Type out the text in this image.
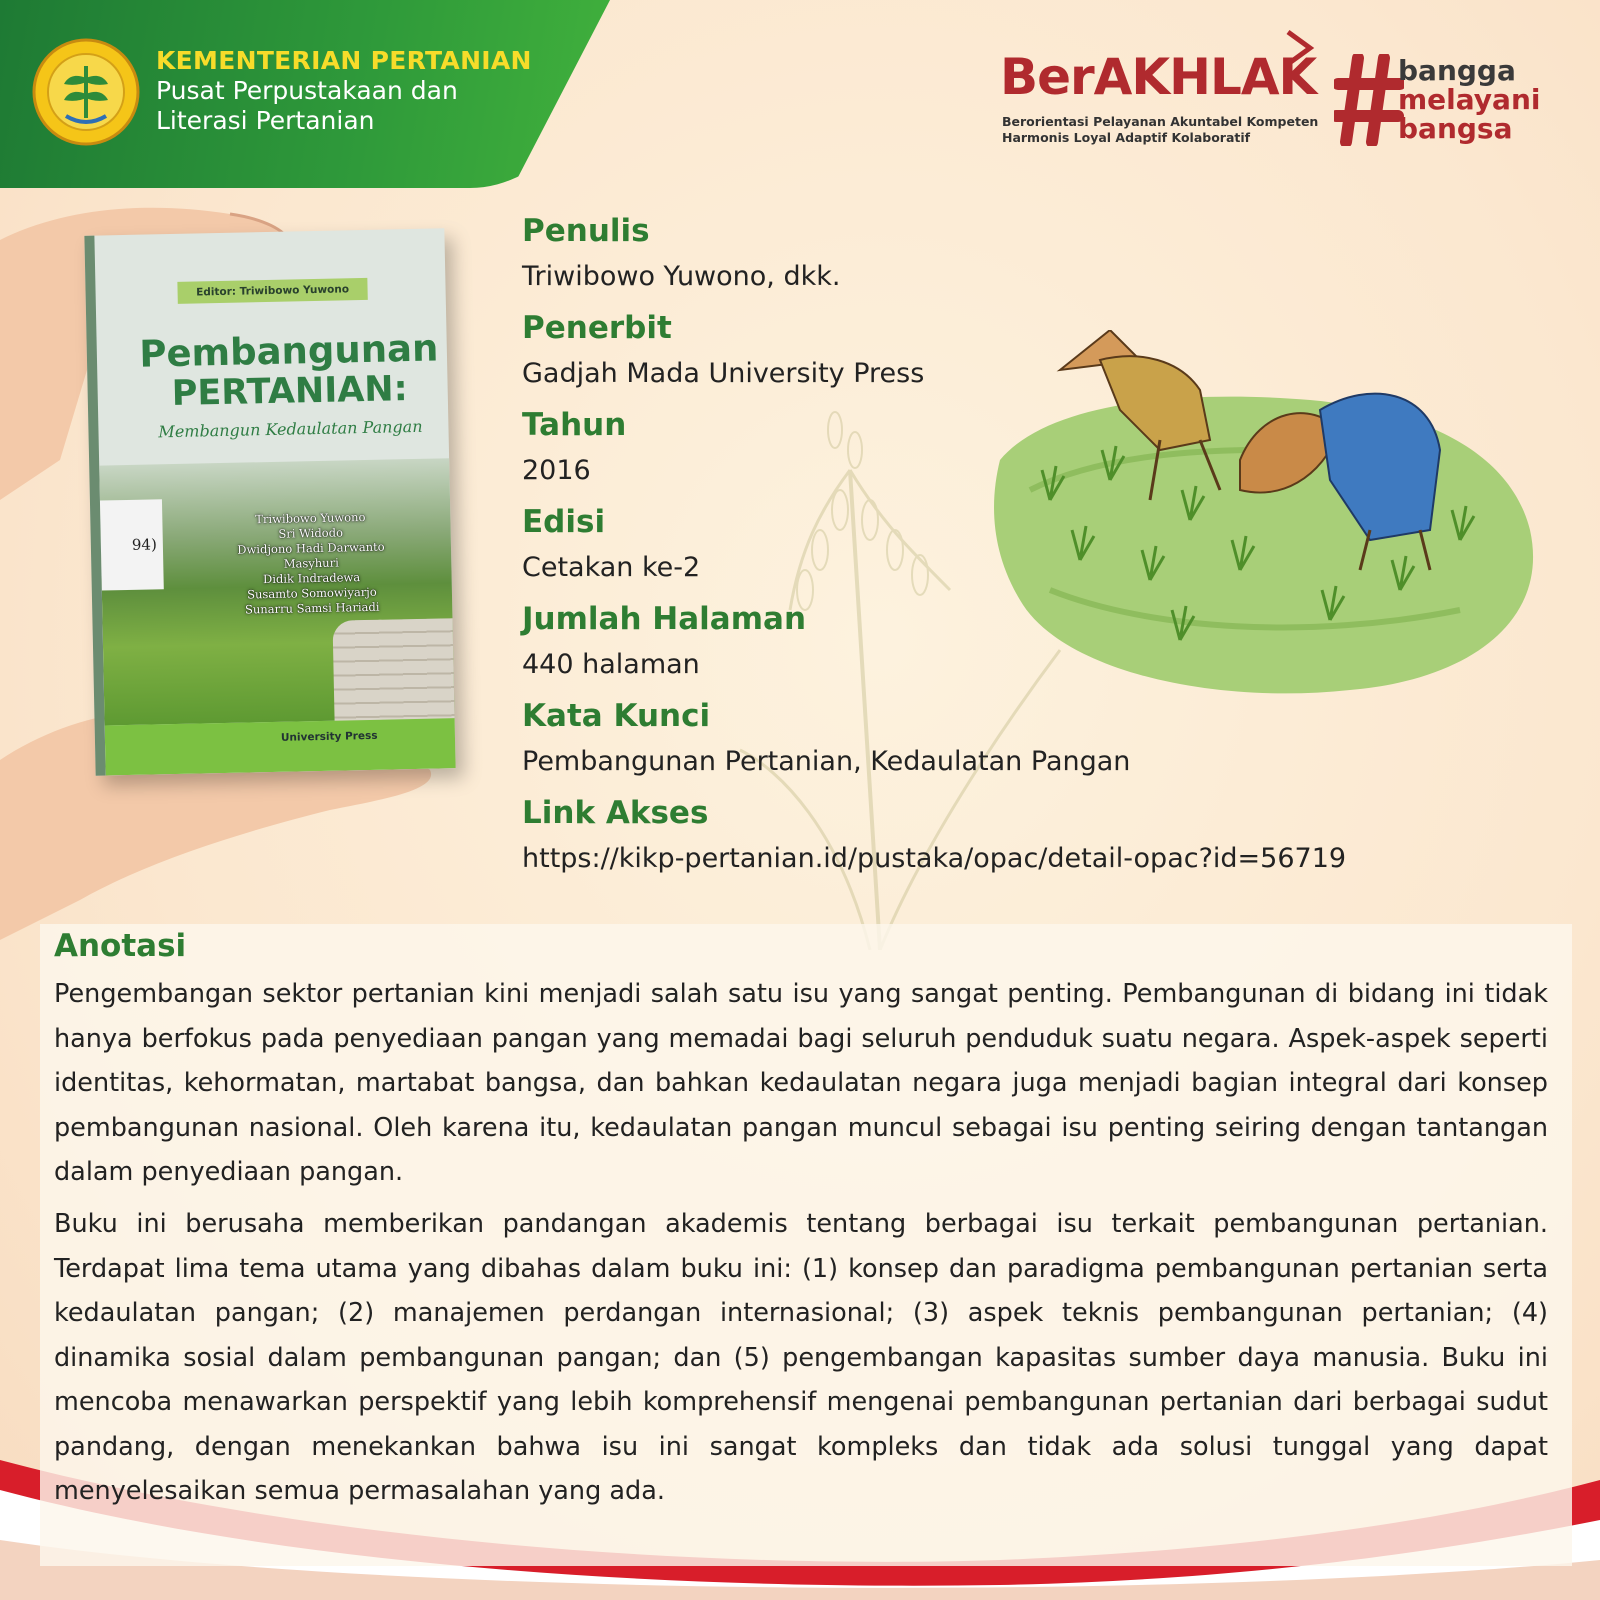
KEMENTERIAN PERTANIAN
Pusat Perpustakaan dan
Literasi Pertanian
BerAKHLAK
Berorientasi Pelayanan Akuntabel Kompeten
Harmonis Loyal Adaptif Kolaboratif
bangga
melayani
bangsa
Editor: Triwibowo Yuwono
Pembangunan
PERTANIAN:
Membangun Kedaulatan Pangan
94)
Triwibowo Yuwono
Sri Widodo
Dwidjono Hadi Darwanto
Masyhuri
Didik Indradewa
Susamto Somowiyarjo
Sunarru Samsi Hariadi
University Press
Penulis
Triwibowo Yuwono, dkk.
Penerbit
Gadjah Mada University Press
Tahun
2016
Edisi
Cetakan ke-2
Jumlah Halaman
440 halaman
Kata Kunci
Pembangunan Pertanian, Kedaulatan Pangan
Link Akses
https://kikp-pertanian.id/pustaka/opac/detail-opac?id=56719
Anotasi

Pengembangan sektor pertanian kini menjadi salah satu isu yang sangat penting. Pembangunan di bidang ini tidak hanya berfokus pada penyediaan pangan yang memadai bagi seluruh penduduk suatu negara. Aspek-aspek seperti identitas, kehormatan, martabat bangsa, dan bahkan kedaulatan negara juga menjadi bagian integral dari konsep pembangunan nasional. Oleh karena itu, kedaulatan pangan muncul sebagai isu penting seiring dengan tantangan dalam penyediaan pangan.

Buku ini berusaha memberikan pandangan akademis tentang berbagai isu terkait pembangunan pertanian. Terdapat lima tema utama yang dibahas dalam buku ini: (1) konsep dan paradigma pembangunan pertanian serta kedaulatan pangan; (2) manajemen perdangan internasional; (3) aspek teknis pembangunan pertanian; (4) dinamika sosial dalam pembangunan pangan; dan (5) pengembangan kapasitas sumber daya manusia. Buku ini mencoba menawarkan perspektif yang lebih komprehensif mengenai pembangunan pertanian dari berbagai sudut pandang, dengan menekankan bahwa isu ini sangat kompleks dan tidak ada solusi tunggal yang dapat menyelesaikan semua permasalahan yang ada.
